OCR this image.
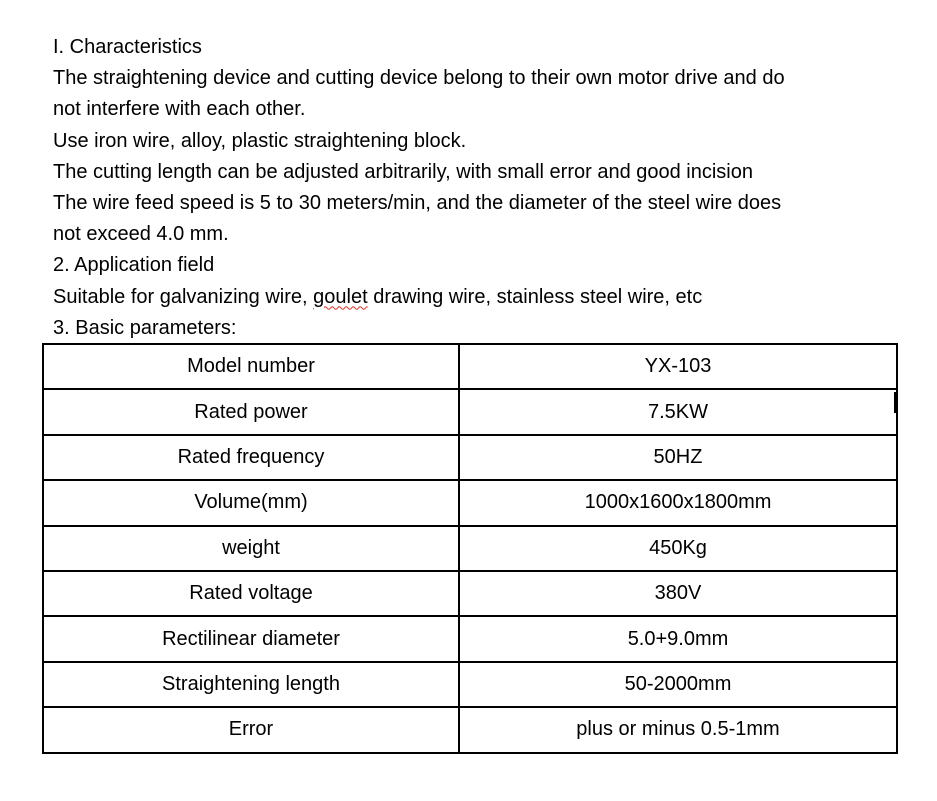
I. Characteristics
The straightening device and cutting device belong to their own motor drive and do
not interfere with each other.
Use iron wire, alloy, plastic straightening block.
The cutting length can be adjusted arbitrarily, with small error and good incision
The wire feed speed is 5 to 30 meters/min, and the diameter of the steel wire does
not exceed 4.0 mm.
2. Application field
Suitable for galvanizing wire, goulet drawing wire, stainless steel wire, etc
3. Basic parameters:
Model number	YX-103
Rated power	7.5KW
Rated frequency	50HZ
Volume(mm)	1000x1600x1800mm
weight	450Kg
Rated voltage	380V
Rectilinear diameter	5.0+9.0mm
Straightening length	50-2000mm
Error	plus or minus 0.5-1mm
